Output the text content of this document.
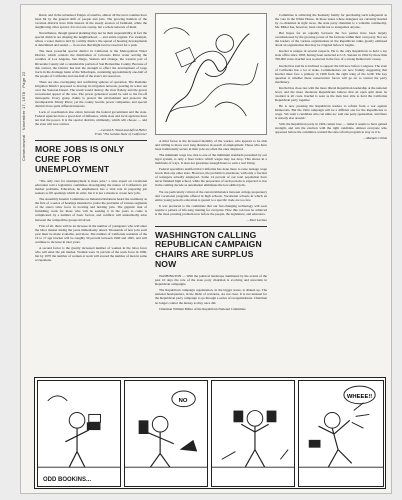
Commonweal · November 17, 1978 · Page 22

Rural, and in the urbanized fringes of exurbia, almost all the rural counties have been hit by the general shift of people and jobs. The growing hamlets of the vacation districts have little interest in the steady erosion of farmland, while the neighboring cities sprawl. It is not one county, but a whole network of them.

Nevertheless, though general planning may not be their responsibility, in fact the special districts are shaping the neighborhood — and entire regions. For example, where a water main is laid by a utility district, the spread of housing developments is determined and sealed — in an area that might best be reserved for a park.

The most powerful special district in California is the Metropolitan Water District, which controls the distribution of Colorado River water serving the counties of Los Angeles, San Diego, Ventura and Orange, the western part of Riverside County and a considerable portion of San Bernardino County. Because of this control, the District has had the strength to effect the development of large tracts in the drainage basin of the Tehachapis, containing approximately one-half of the people of California and one-half of the state's tax resources.

There are also overlapping and conflicting spheres of operation. The Romanio Irrigation District proposed to develop its irrigation network, pouring its water out over the Sonoran Desert. The result would destroy the river fishery and the gravel recreational appeal of the area. The power generated would be sold to the far-off metropolis. Every group claims to protect the environment and preserve the incomparable Trinity River; yet the county boards, power companies, and special districts have quite different interests.

Lack of coordination also exists between the federal government and the state. Federal agencies have a good deal of influence, while state and local agencies have not had the power. It is the special districts, ultimately, which will choose — and the state will lose control.

—Gerald E. Wood and Alfred Heller
From "The Golden State of California"
MORE JOBS IS ONLY CURE FOR UNEMPLOYMENT

"The only cure for unemployment is more jobs," a state expert on vocational education told a legislative committee investigating the nature of California's job market problems. Education, he emphasized, has a vital role in preparing job seekers to fill openings which do exist, but it is not a means to create new jobs.

The Assembly Interim Committee on Industrial Relations heard the testimony as the first of a series of hearings intended to probe the problems of various segments of the state's labor force in locating and holding jobs. The gigantic task of furnishing work for those who will be seeking it in the years to come is complicated by a number of basic factors, and conflicts will undoubtedly arise between the competitive groups involved.

First of all, there will be an increase in the number of youngsters who will enter the labor market during the years immediately ahead. Thousands of new jobs each year must be made available, and more. The number of California residents of the 16 to 17 age bracket will be roughly 50 percent between 1960 and 1965, and will continue to increase in later years.

A second factor is the greatly increased number of women in the labor force who will enter the job market. Women were 31 percent of the work force in 1960, but by 1970 the number of women at work will exceed the number of men in some occupations.

A third factor is the increased mobility of the worker, who appears to be able and willing to move over long distances in search of employment. Those who have been traditionally secure in their jobs are often the ones displaced.

The minimum wage law, that is one of the minimum standards presented by our legal system, is only a floor below which wages may not drop. This shows in a multitude of ways. It does not guarantee enough hours to earn a real living.

Federal specialists testified that California has done more to raise teenage wage levels than any other state. However, the problem is enormous, with only a fraction of teenagers actually employed. Some 14 percent of our total population have never finished high school, while the proportion of such persons is expected to rise in the coming decade as automation eliminates the low-skilled jobs.

We are particularly critical of the current imbalance between college preparatory and vocational programs offered in high schools. Vocational schools in which an entire young person's education is geared to a specific trade are too few.

It was produced to the committee that our fast-changing technology will soon require a pattern of life-long training for everyone. How this can best be achieved is the most pressing problem now before the people, the legislature, and educators.

—Paul Lavizzo
WASHINGTON CALLING REPUBLICAN CAMPAIGN CHAIRS ARE SURPLUS NOW

WASHINGTON — With the political landscape dominated by the events of the past 10 days the role of the state party chairman is evolving and uncertain in Republican campaigns.

The Republican campaign organization, in the bigger states, is shaken up. The national headquarters, in the midst of revisions, are not clear. It is not unusual for the Republican party campaign to go through a series of reorganizations. Chairmen no longer control the money as they once did.

Chairman William Miller of the Republican National Committee

Committee is achieving the Kennedy family for purchasing such safeguards as the vote in the White House. In those states where delegates are currently headed by co-chairmen in tight races, the state party chairman is a valuable commodity. Mr. Miller has, however, been careful not to antagonize anyone.

But hopes for an equality between the two parties have been largely overshadowed by the growing power of the factions within their own party. Nor are the leaders of the various organizations in the Republican ranks greatly enthused about an organization that may be crippled before it begins.

Kuchel is unique in several respects. He is the only Republican to hold a top state office since 1958, having been reelected as U.S. Senator in 1962 by more than 700,000 votes. Kuchel was re-elected in the face of a strong Democratic sweep.

Kuchel has said he is inclined to support the bill now before Congress. The state of California has a lot at stake. Commentators are now frankly suggesting that Kuchel must face a primary in 1968 from the right wing of the GOP. The key question is whether these conservative forces will go on to control the party machinery.

Kuchel has close ties with the more liberal Republican leadership at the national level, and the more moderate Republicans believe that an open split must be avoided at all costs. Kuchel is seen as the man best able to hold the California Republican party together.

He is now pressing the Republican leaders to refrain from a war against Democrats. But the 1964 campaign will be a difficult one for the Republicans to wage. 'We want a candidate who can unite us,' said one party spokesman, 'and there is nobody else around.'

Still, the Republican party in 1964 cannot lose — rather it seems to have gained strength, and win the election with the right candidate. Almost everyone who appeared before the committee wanted the state reform program to stay as it is.

—Marquis Childs
ODD BOOKINS...
NO
WHEEE!!
